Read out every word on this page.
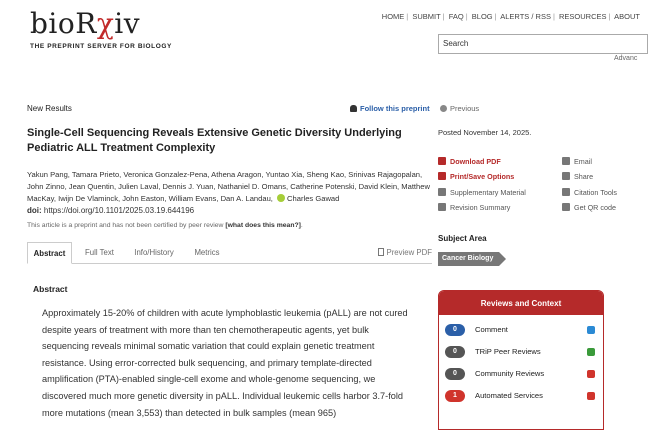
bioRχiv
THE PREPRINT SERVER FOR BIOLOGY
HOME | SUBMIT | FAQ | BLOG | ALERTS / RSS | RESOURCES | ABOUT
Search
Advanc
New Results	Follow this preprint
Single-Cell Sequencing Reveals Extensive Genetic Diversity Underlying Pediatric ALL Treatment Complexity
Yakun Pang, Tamara Prieto, Veronica Gonzalez-Pena, Athena Aragon, Yuntao Xia, Sheng Kao, Srinivas Rajagopalan, John Zinno, Jean Quentin, Julien Laval, Dennis J. Yuan, Nathaniel D. Omans, Catherine Potenski, David Klein, Matthew MacKay, Iwijn De Vlaminck, John Easton, William Evans, Dan A. Landau, Charles Gawad
doi: https://doi.org/10.1101/2025.03.19.644196
This article is a preprint and has not been certified by peer review [what does this mean?].
Abstract	Full Text	Info/History	Metrics	Preview PDF
Abstract
Approximately 15-20% of children with acute lymphoblastic leukemia (pALL) are not cured despite years of treatment with more than ten chemotherapeutic agents, yet bulk sequencing reveals minimal somatic variation that could explain genetic treatment resistance. Using error-corrected bulk sequencing, and primary template-directed amplification (PTA)-enabled single-cell exome and whole-genome sequencing, we discovered much more genetic diversity in pALL. Individual leukemic cells harbor 3.7-fold more mutations (mean 3,553) than detected in bulk samples (mean 965)
Previous
Posted November 14, 2025.
Download PDF	Email
Print/Save Options	Share
Supplementary Material	Citation Tools
Revision Summary	Get QR code
Subject Area
Cancer Biology
Reviews and Context
0	Comment
0	TRiP Peer Reviews
0	Community Reviews
1	Automated Services
